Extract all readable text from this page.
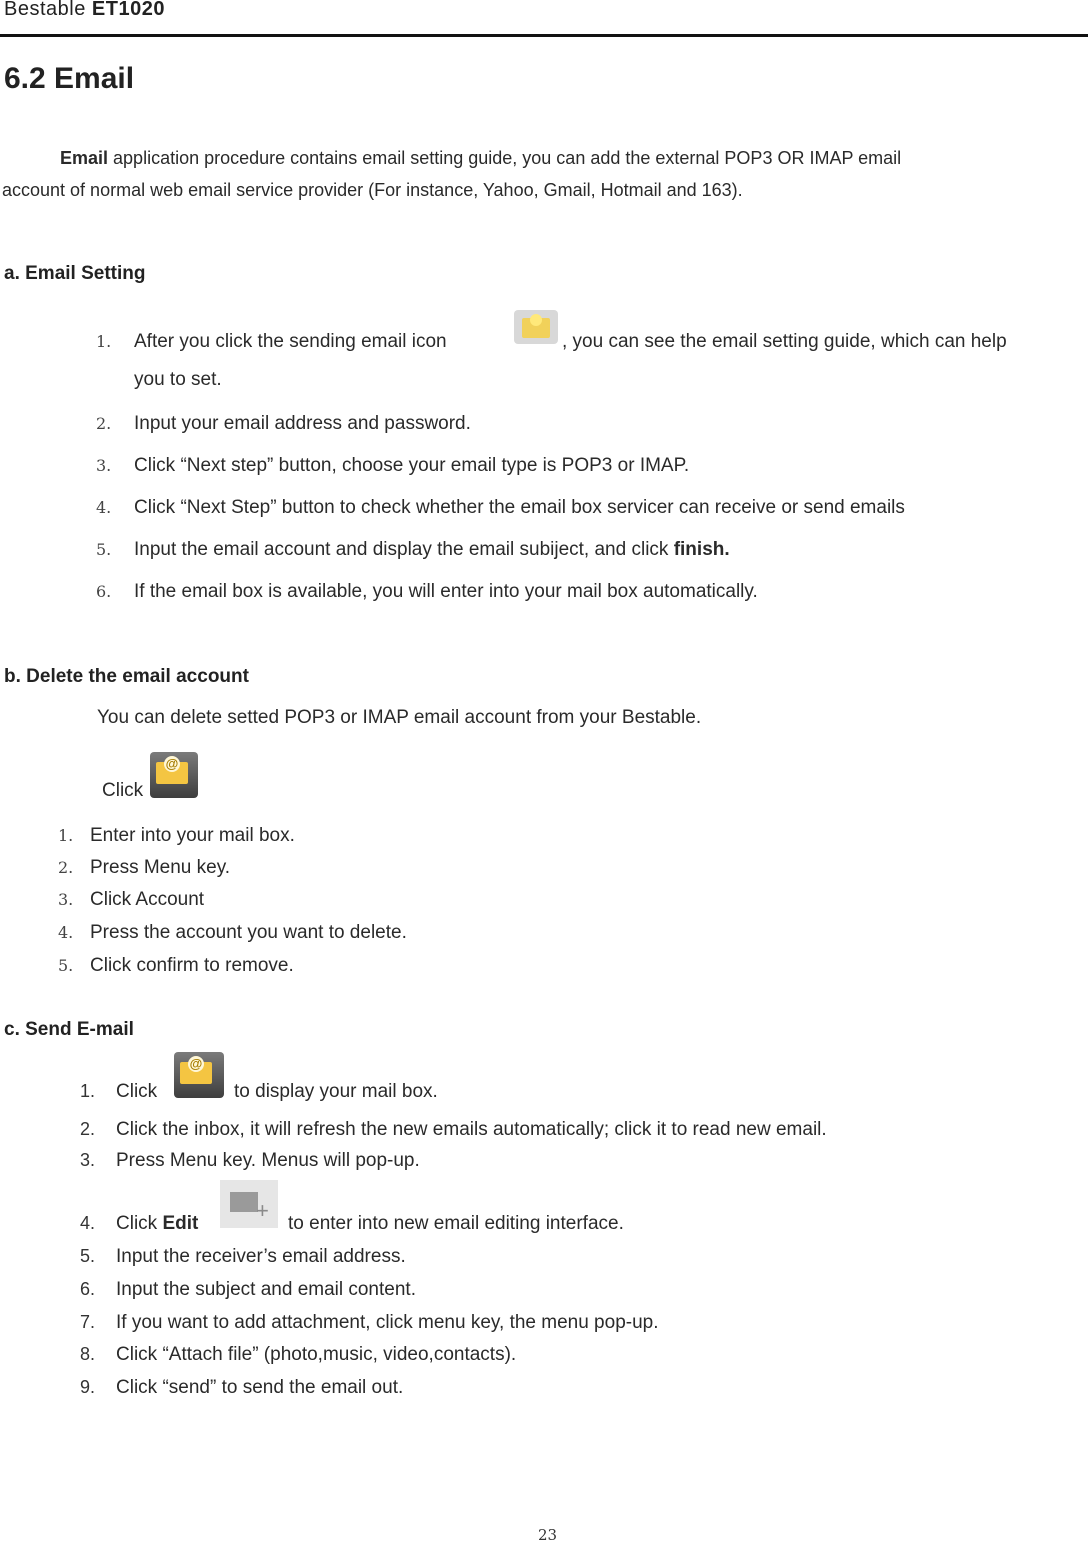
Bestable ET1020
6.2 Email
Email application procedure contains email setting guide, you can add the external POP3 OR IMAP email
account of normal web email service provider (For instance, Yahoo, Gmail, Hotmail and 163).
a. Email Setting
1. After you click the sending email icon	, you can see the email setting guide, which can help
you to set.
2. Input your email address and password.
3. Click “Next step” button, choose your email type is POP3 or IMAP.
4. Click “Next Step” button to check whether the email box servicer can receive or send emails
5. Input the email account and display the email subiject, and click finish.
6. If the email box is available, you will enter into your mail box automatically.
b. Delete the email account
You can delete setted POP3 or IMAP email account from your Bestable.
Click
@
1. Enter into your mail box.
2. Press Menu key.
3. Click Account
4. Press the account you want to delete.
5. Click confirm to remove.
c. Send E-mail
1. Click
@
to display your mail box.
2. Click the inbox, it will refresh the new emails automatically; click it to read new email.
3. Press Menu key. Menus will pop-up.
4. Click Edit
+
to enter into new email editing interface.
5. Input the receiver’s email address.
6. Input the subject and email content.
7. If you want to add attachment, click menu key, the menu pop-up.
8. Click “Attach file” (photo,music, video,contacts).
9. Click “send” to send the email out.
23
